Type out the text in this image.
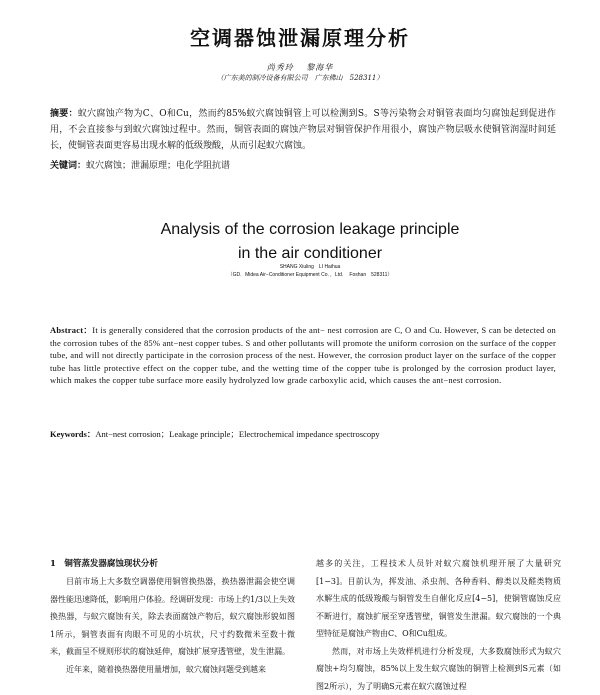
空调器蚀泄漏原理分析
尚秀玲 　黎海华
（广东美的制冷设备有限公司　广东佛山　528311）
摘要：蚁穴腐蚀产物为C、O和Cu，然而约85%蚁穴腐蚀铜管上可以检测到S。S等污染物会对铜管表面均匀腐蚀起到促进作用，不会直接参与到蚁穴腐蚀过程中。然而，铜管表面的腐蚀产物层对铜管保护作用很小，腐蚀产物层吸水使铜管润湿时间延长，使铜管表面更容易出现水解的低级羧酸，从而引起蚁穴腐蚀。
关键词：蚁穴腐蚀；泄漏原理；电化学阻抗谱
Analysis of the corrosion leakage principle
in the air conditioner
SHANG Xiuling　LI Haihua
（GD．Midea Air−Conditioner Equipment Co．，Ltd．　Foshan　528311）
Abstract：It is generally considered that the corrosion products of the ant− nest corrosion are C, O and Cu. However, S can be detected on the corrosion tubes of the 85% ant−nest copper tubes. S and other pollutants will promote the uniform corrosion on the surface of the copper tube, and will not directly participate in the corrosion process of the nest. However, the corrosion product layer on the surface of the copper tube has little protective effect on the copper tube, and the wetting time of the copper tube is prolonged by the corrosion product layer, which makes the copper tube surface more easily hydrolyzed low grade carboxylic acid, which causes the ant−nest corrosion.
Keywords：Ant−nest corrosion；Leakage principle；Electrochemical impedance spectroscopy
1　铜管蒸发器腐蚀现状分析

目前市场上大多数空调器使用铜管换热器，换热器泄漏会使空调器性能迅速降低，影响用户体验。经调研发现：市场上约1/3以上失效换热器，与蚁穴腐蚀有关，除去表面腐蚀产物后，蚁穴腐蚀形貌如图1所示，铜管表面有肉眼不可见的小坑状，尺寸约数微米至数十微米，截面呈不规则形状的腐蚀延伸，腐蚀扩展穿透管壁，发生泄漏。

近年来，随着换热器使用量增加，蚁穴腐蚀问题受到越来

越多的关注，工程技术人员针对蚁穴腐蚀机理开展了大量研究[1−3]。目前认为，挥发油、杀虫剂、各种香料、醇类以及醛类物质水解生成的低级羧酸与铜管发生自催化反应[4−5]，使铜管腐蚀反应不断进行，腐蚀扩展至穿透管壁，铜管发生泄漏。蚁穴腐蚀的一个典型特征是腐蚀产物由C、O和Cu组成。

然而，对市场上失效样机进行分析发现，大多数腐蚀形式为蚁穴腐蚀+均匀腐蚀，85%以上发生蚁穴腐蚀的铜管上检测到S元素（如图2所示），为了明确S元素在蚁穴腐蚀过程
